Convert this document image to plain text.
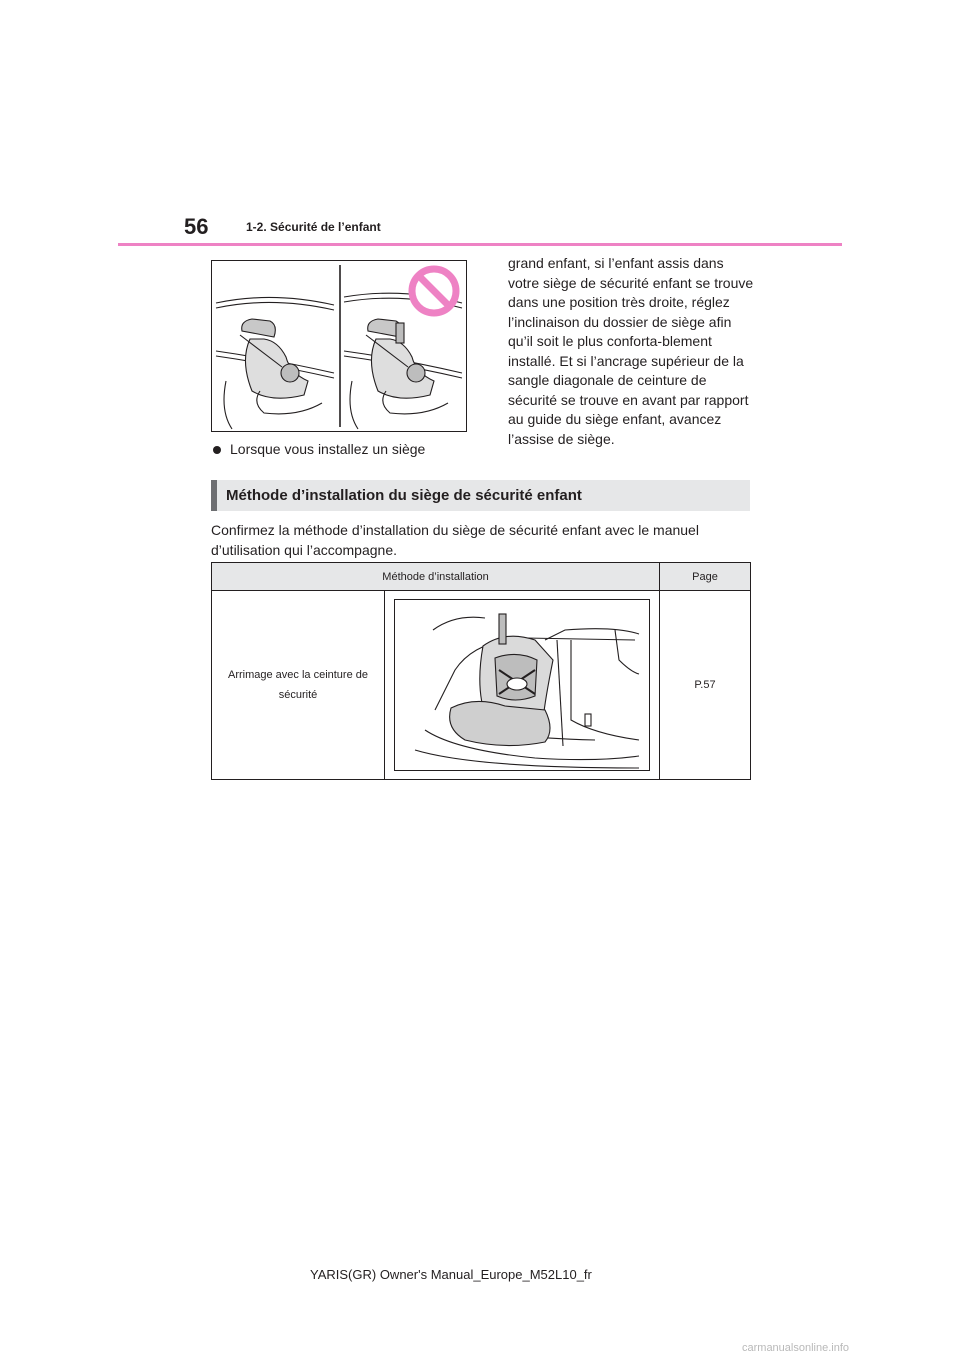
56	1-2. Sécurité de l’enfant
Lorsque vous installez un siège

grand enfant, si l’enfant assis dans votre siège de sécurité enfant se trouve dans une position très droite, réglez l’inclinaison du dossier de siège afin qu’il soit le plus conforta-blement installé. Et si l’ancrage supérieur de la sangle diagonale de ceinture de sécurité se trouve en avant par rapport au guide du siège enfant, avancez l’assise de siège.

Méthode d’installation du siège de sécurité enfant

Confirmez la méthode d’installation du siège de sécurité enfant avec le manuel d’utilisation qui l’accompagne.

Méthode d’installation		Page
Arrimage avec la ceinture de sécurité		P.57
YARIS(GR) Owner's Manual_Europe_M52L10_fr
carmanualsonline.info
